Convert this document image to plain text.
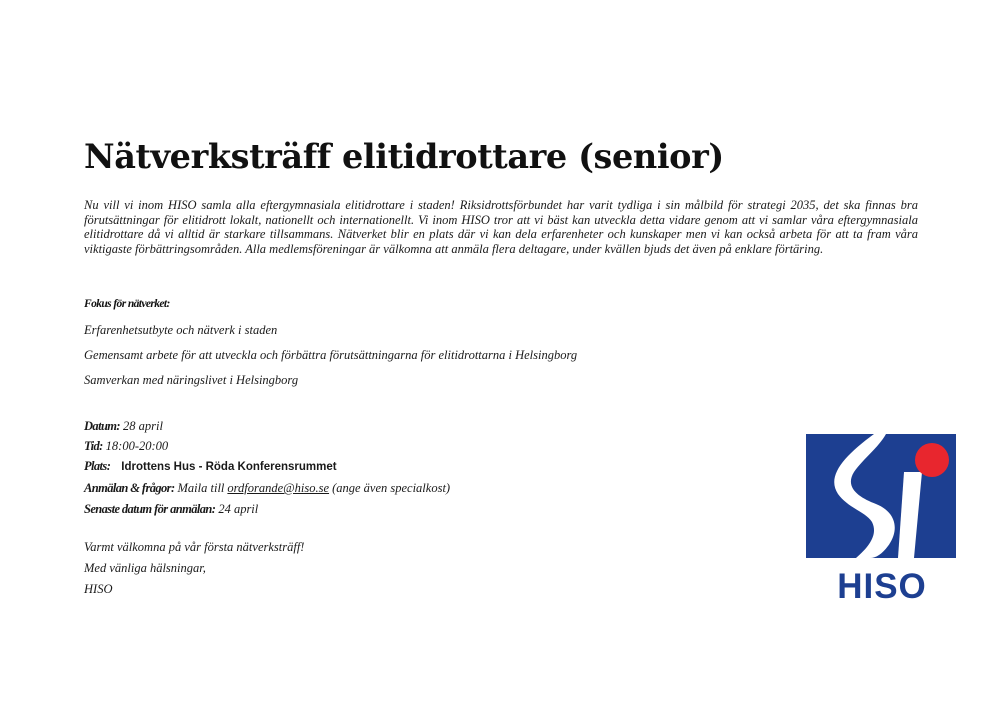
Nätverksträff elitidrottare (senior)

Nu vill vi inom HISO samla alla eftergymnasiala elitidrottare i staden! Riksidrottsförbundet har varit tydliga i sin målbild för strategi 2035, det ska finnas bra förutsättningar för elitidrott lokalt, nationellt och internationellt. Vi inom HISO tror att vi bäst kan utveckla detta vidare genom att vi samlar våra eftergymnasiala elitidrottare då vi alltid är starkare tillsammans. Nätverket blir en plats där vi kan dela erfarenheter och kunskaper men vi kan också arbeta för att ta fram våra viktigaste förbättringsområden. Alla medlemsföreningar är välkomna att anmäla flera deltagare, under kvällen bjuds det även på enklare förtäring.

Fokus för nätverket:
Erfarenhetsutbyte och nätverk i staden
Gemensamt arbete för att utveckla och förbättra förutsättningarna för elitidrottarna i Helsingborg
Samverkan med näringslivet i Helsingborg
Datum: 28 april
Tid: 18:00-20:00
Plats: Idrottens Hus - Röda Konferensrummet
Anmälan & frågor: Maila till ordforande@hiso.se (ange även specialkost)
Senaste datum för anmälan: 24 april
Varmt välkomna på vår första nätverksträff!
Med vänliga hälsningar,
HISO	HISO
